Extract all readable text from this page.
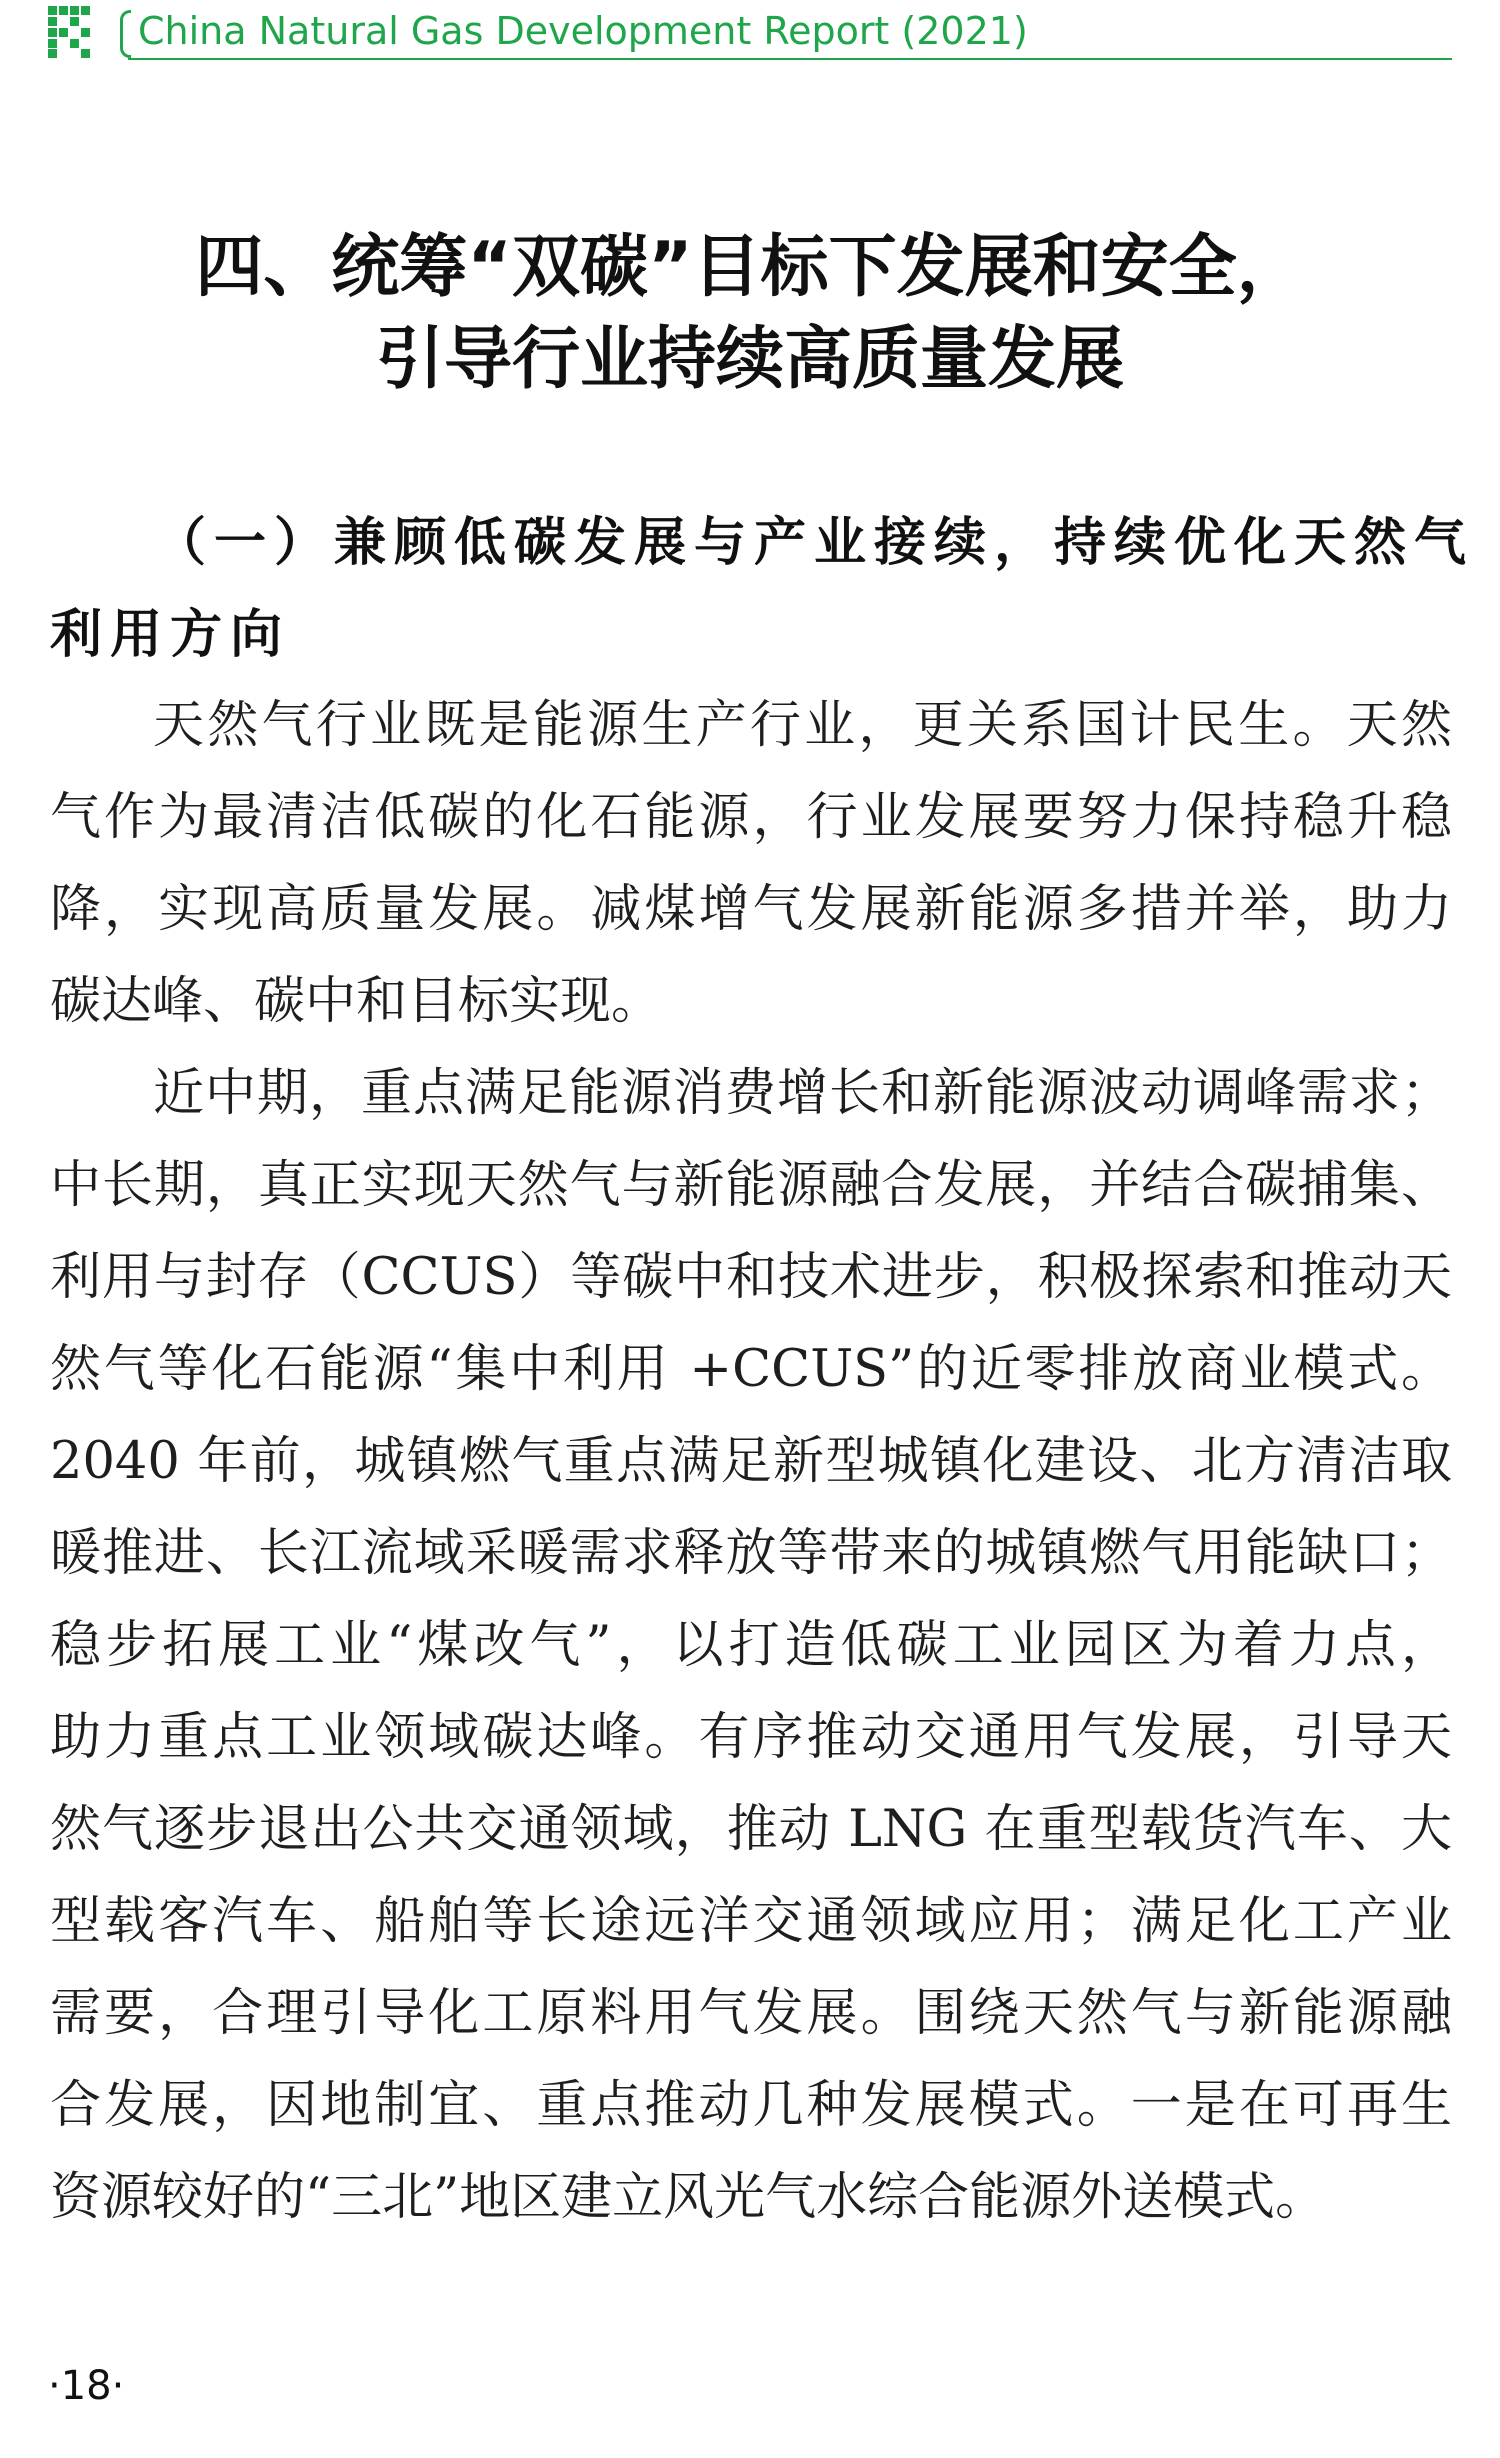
China Natural Gas Development Report (2021)
四、统筹“双碳”目标下发展和安全，
引导行业持续高质量发展
（一）兼顾低碳发展与产业接续，持续优化天然气
利用方向
天然气行业既是能源生产行业，更关系国计民生。天然
气作为最清洁低碳的化石能源，行业发展要努力保持稳升稳
降，实现高质量发展。减煤增气发展新能源多措并举，助力
碳达峰、碳中和目标实现。
近中期，重点满足能源消费增长和新能源波动调峰需求；
中长期，真正实现天然气与新能源融合发展，并结合碳捕集、
利用与封存（CCUS）等碳中和技术进步，积极探索和推动天
然气等化石能源“集中利用 +CCUS”的近零排放商业模式。
2040 年前，城镇燃气重点满足新型城镇化建设、北方清洁取
暖推进、长江流域采暖需求释放等带来的城镇燃气用能缺口；
稳步拓展工业“煤改气”，以打造低碳工业园区为着力点，
助力重点工业领域碳达峰。有序推动交通用气发展，引导天
然气逐步退出公共交通领域，推动 LNG 在重型载货汽车、大
型载客汽车、船舶等长途远洋交通领域应用；满足化工产业
需要，合理引导化工原料用气发展。围绕天然气与新能源融
合发展，因地制宜、重点推动几种发展模式。一是在可再生
资源较好的“三北”地区建立风光气水综合能源外送模式。
·18·
